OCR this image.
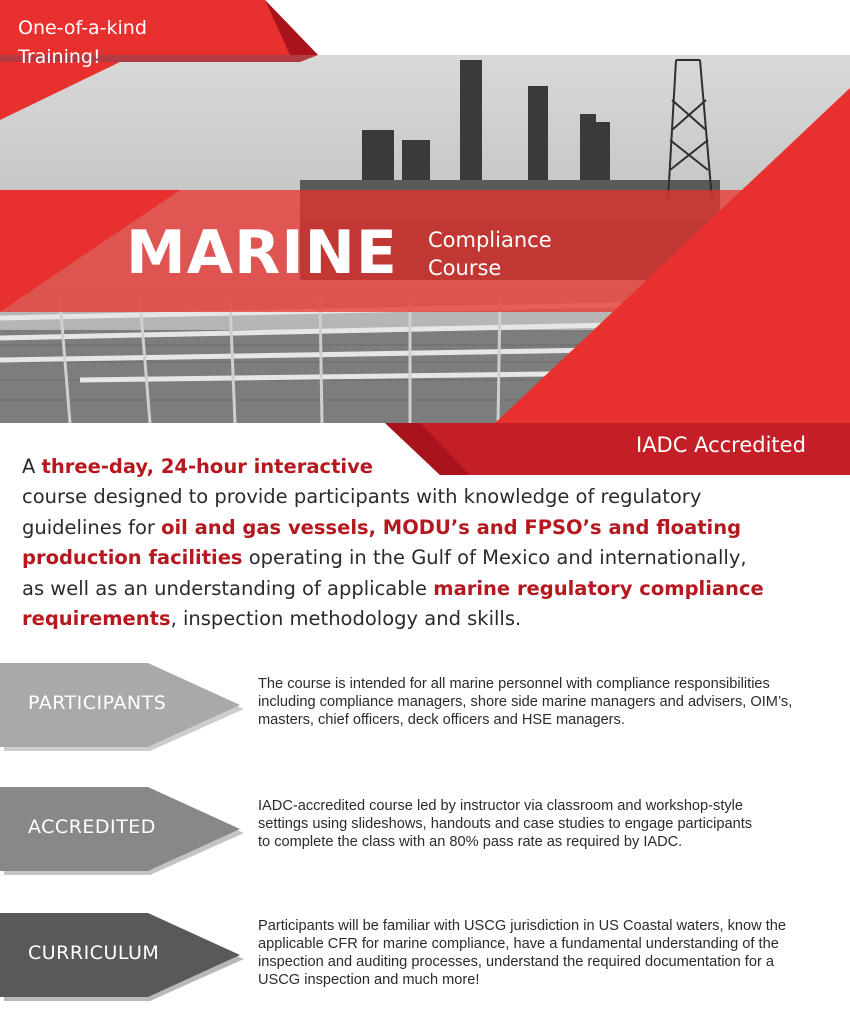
One-of-a-kind
Training!
MARINE Compliance
Course
IADC Accredited
A three-day, 24-hour interactive
course designed to provide participants with knowledge of regulatory
guidelines for oil and gas vessels, MODU’s and FPSO’s and floating
production facilities operating in the Gulf of Mexico and internationally,
as well as an understanding of applicable marine regulatory compliance
requirements, inspection methodology and skills.
PARTICIPANTS
The course is intended for all marine personnel with compliance responsibilities
including compliance managers, shore side marine managers and advisers, OIM’s,
masters, chief officers, deck officers and HSE managers.
ACCREDITED
IADC-accredited course led by instructor via classroom and workshop-style
settings using slideshows, handouts and case studies to engage participants
to complete the class with an 80% pass rate as required by IADC.
CURRICULUM
Participants will be familiar with USCG jurisdiction in US Coastal waters, know the
applicable CFR for marine compliance, have a fundamental understanding of the
inspection and auditing processes, understand the required documentation for a
USCG inspection and much more!
